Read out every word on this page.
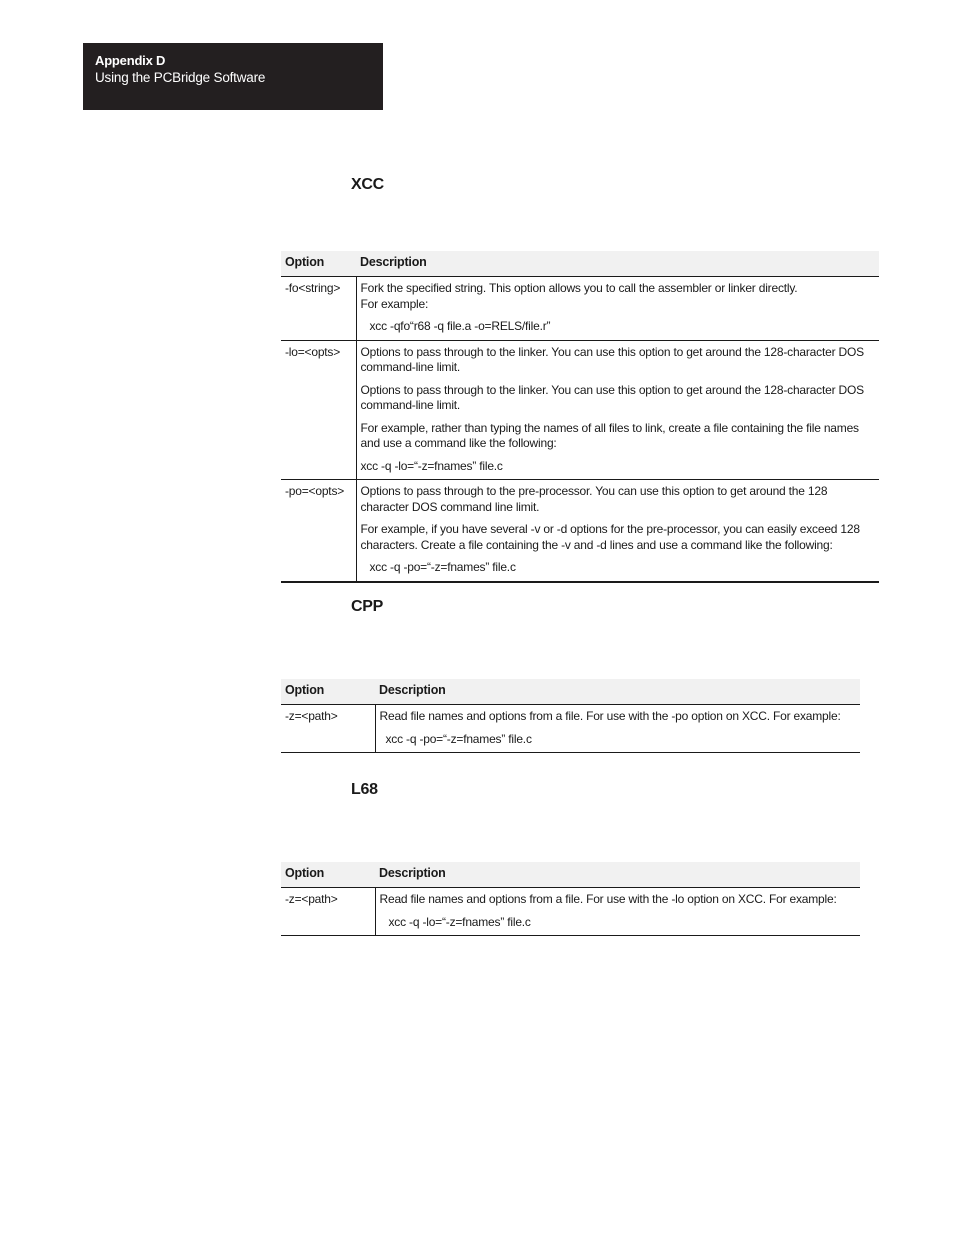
Appendix D
Using the PCBridge Software
XCC
Option	Description
-fo<string>	Fork the specified string. This option allows you to call the assembler or linker directly.
For example:
xcc -qfo“r68 -q file.a -o=RELS/file.r”

-lo=<opts>	Options to pass through to the linker. You can use this option to get around the 128-character DOS command-line limit.
Options to pass through to the linker. You can use this option to get around the 128-character DOS command-line limit.
For example, rather than typing the names of all files to link, create a file containing the file names and use a command like the following:
xcc -q -lo=“-z=fnames” file.c

-po=<opts>	Options to pass through to the pre-processor. You can use this option to get around the 128 character DOS command line limit.
For example, if you have several -v or -d options for the pre-processor, you can easily exceed 128 characters. Create a file containing the -v and -d lines and use a command like the following:
xcc -q -po=“-z=fnames” file.c
CPP
Option	Description
-z=<path>	Read file names and options from a file. For use with the -po option on XCC. For example:
xcc -q -po=“-z=fnames” file.c
L68
Option	Description
-z=<path>	Read file names and options from a file. For use with the -lo option on XCC. For example:
xcc -q -lo=“-z=fnames” file.c
